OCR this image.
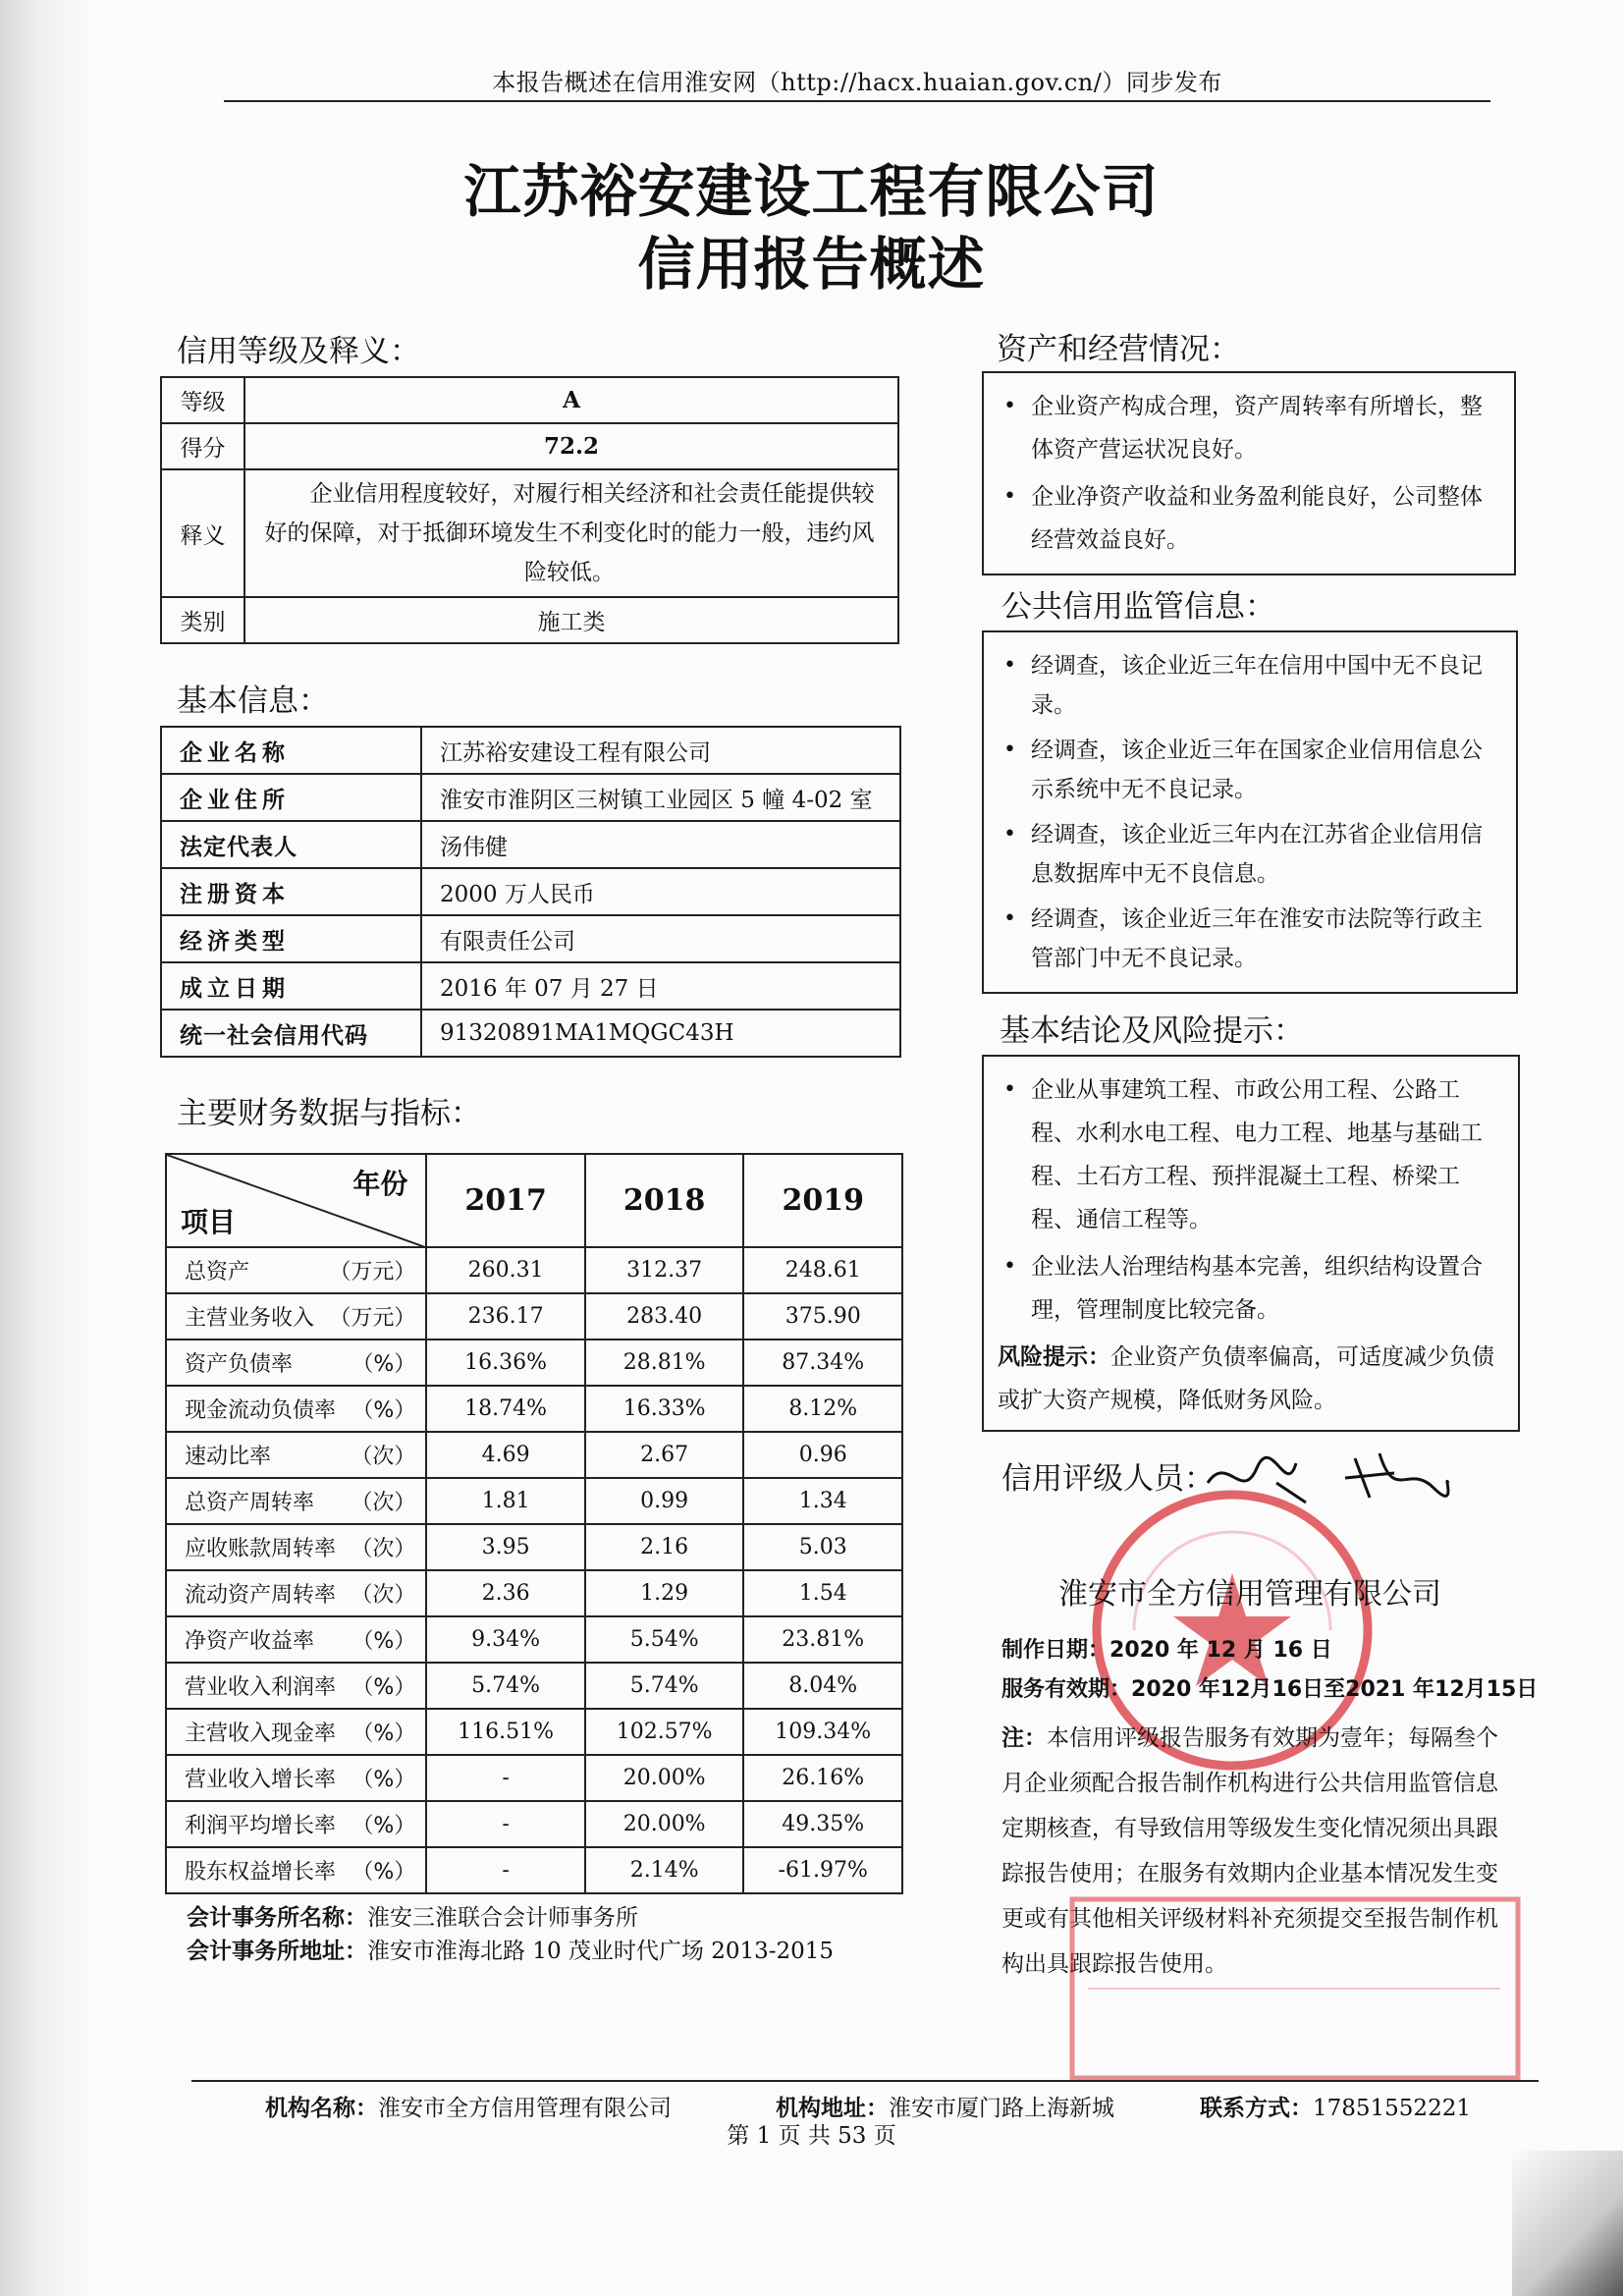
本报告概述在信用淮安网（http://hacx.huaian.gov.cn/）同步发布
江苏裕安建设工程有限公司
信用报告概述
信用等级及释义：
等级	A
得分	72.2
释义	企业信用程度较好，对履行相关经济和社会责任能提供较好的保障，对于抵御环境发生不利变化时的能力一般，违约风险较低。
类别	施工类
基本信息：
企业名称	江苏裕安建设工程有限公司
企业住所	淮安市淮阴区三树镇工业园区 5 幢 4-02 室
法定代表人	汤伟健
注册资本	2000 万人民币
经济类型	有限责任公司
成立日期	2016 年 07 月 27 日
统一社会信用代码	91320891MA1MQGC43H
主要财务数据与指标：
年份
项目	2017	2018	2019
总资产 （万元）	260.31	312.37	248.61
主营业务收入 （万元）	236.17	283.40	375.90
资产负债率 （%）	16.36%	28.81%	87.34%
现金流动负债率 （%）	18.74%	16.33%	8.12%
速动比率 （次）	4.69	2.67	0.96
总资产周转率 （次）	1.81	0.99	1.34
应收账款周转率 （次）	3.95	2.16	5.03
流动资产周转率 （次）	2.36	1.29	1.54
净资产收益率 （%）	9.34%	5.54%	23.81%
营业收入利润率 （%）	5.74%	5.74%	8.04%
主营收入现金率 （%）	116.51%	102.57%	109.34%
营业收入增长率 （%）	-	20.00%	26.16%
利润平均增长率 （%）	-	20.00%	49.35%
股东权益增长率 （%）	-	2.14%	-61.97%
会计事务所名称：淮安三淮联合会计师事务所
会计事务所地址：淮安市淮海北路 10 茂业时代广场 2013-2015
资产和经营情况：
• 企业资产构成合理，资产周转率有所增长，整体资产营运状况良好。
• 企业净资产收益和业务盈利能良好，公司整体经营效益良好。
公共信用监管信息：
• 经调查，该企业近三年在信用中国中无不良记录。
• 经调查，该企业近三年在国家企业信用信息公示系统中无不良记录。
• 经调查，该企业近三年内在江苏省企业信用信息数据库中无不良信息。
• 经调查，该企业近三年在淮安市法院等行政主管部门中无不良记录。
基本结论及风险提示：
• 企业从事建筑工程、市政公用工程、公路工程、水利水电工程、电力工程、地基与基础工程、土石方工程、预拌混凝土工程、桥梁工程、通信工程等。
• 企业法人治理结构基本完善，组织结构设置合理，管理制度比较完备。

风险提示：企业资产负债率偏高，可适度减少负债或扩大资产规模，降低财务风险。

信用评级人员：
淮安市全方信用管理有限公司
制作日期：2020 年 12 月 16 日
服务有效期：2020 年12月16日至2021 年12月15日
注：本信用评级报告服务有效期为壹年；每隔叁个月企业须配合报告制作机构进行公共信用监管信息定期核查，有导致信用等级发生变化情况须出具跟踪报告使用；在服务有效期内企业基本情况发生变更或有其他相关评级材料补充须提交至报告制作机构出具跟踪报告使用。
机构名称：淮安市全方信用管理有限公司	机构地址：淮安市厦门路上海新城	联系方式：17851552221
第 1 页 共 53 页
